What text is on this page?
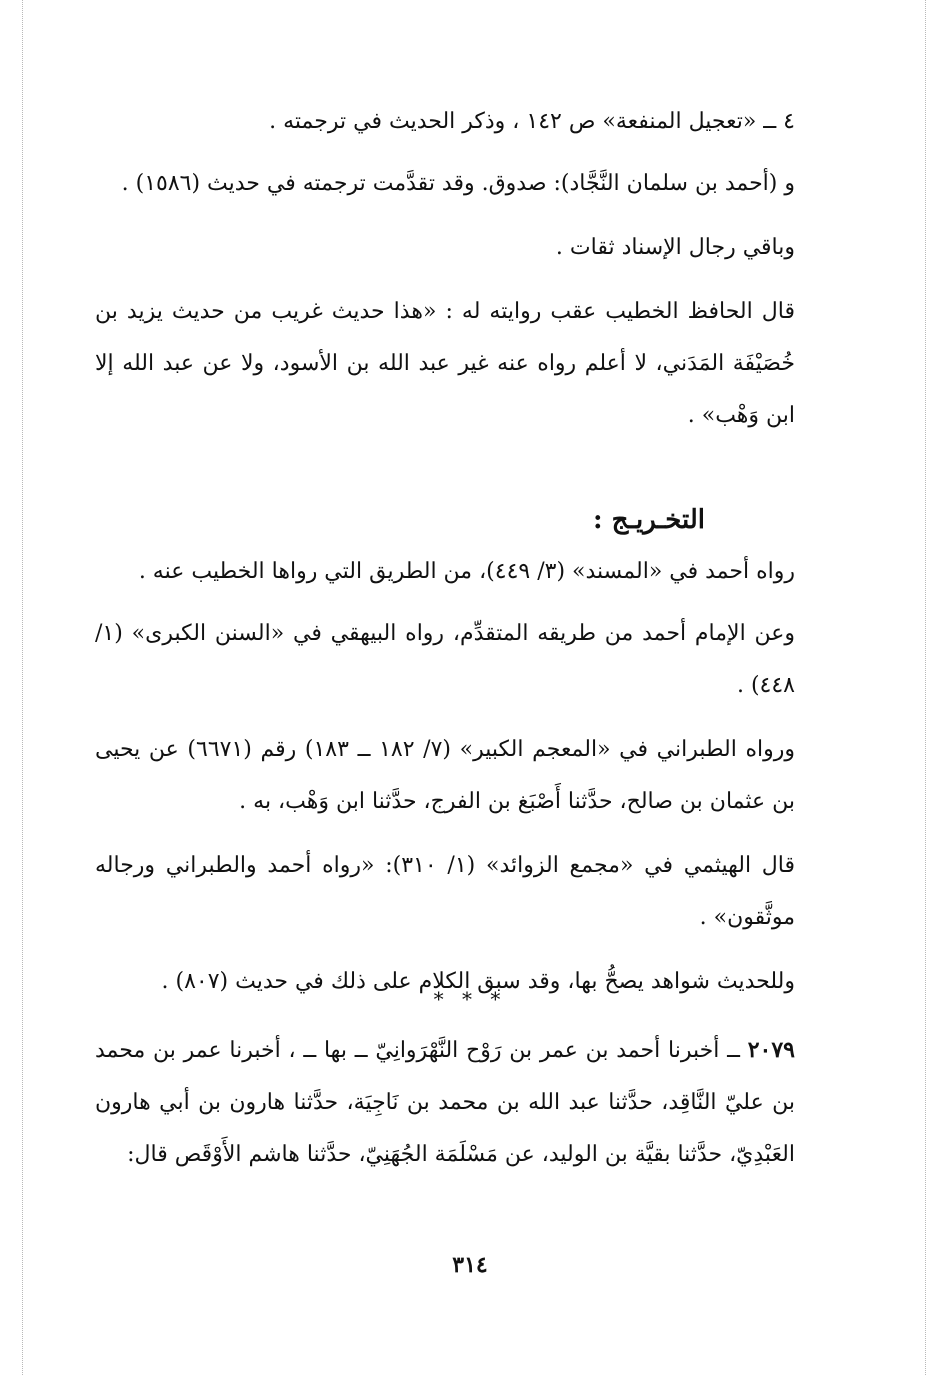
٤ ــ «تعجيل المنفعة» ص ١٤٢ ، وذكر الحديث في ترجمته .

و (أحمد بن سلمان النَّجَّاد): صدوق. وقد تقدَّمت ترجمته في حديث (١٥٨٦) .

وباقي رجال الإسناد ثقات .

قال الحافظ الخطيب عقب روايته له : «هذا حديث غريب من حديث يزيد بن خُصَيْفَة المَدَني، لا أعلم رواه عنه غير عبد الله بن الأسود، ولا عن عبد الله إلا ابن وَهْب» .

التخـريـج :

رواه أحمد في «المسند» (٣/ ٤٤٩)، من الطريق التي رواها الخطيب عنه .

وعن الإمام أحمد من طريقه المتقدِّم، رواه البيهقي في «السنن الكبرى» (١/ ٤٤٨) .

ورواه الطبراني في «المعجم الكبير» (٧/ ١٨٢ ــ ١٨٣) رقم (٦٦٧١) عن يحيى بن عثمان بن صالح، حدَّثنا أَصْبَغ بن الفرج، حدَّثنا ابن وَهْب، به .

قال الهيثمي في «مجمع الزوائد» (١/ ٣١٠): «رواه أحمد والطبراني ورجاله موثَّقون» .

وللحديث شواهد يصحُّ بها، وقد سبق الكلام على ذلك في حديث (٨٠٧) .

* * *

٢٠٧٩ ــ أخبرنا أحمد بن عمر بن رَوْح النَّهْرَوانِيّ ــ بها ــ ، أخبرنا عمر بن محمد بن عليّ النَّاقِد، حدَّثنا عبد الله بن محمد بن نَاجِيَة، حدَّثنا هارون بن أبي هارون العَبْدِيّ، حدَّثنا بقيَّة بن الوليد، عن مَسْلَمَة الجُهَنِيّ، حدَّثنا هاشم الأَوْقَص قال:

٣١٤
